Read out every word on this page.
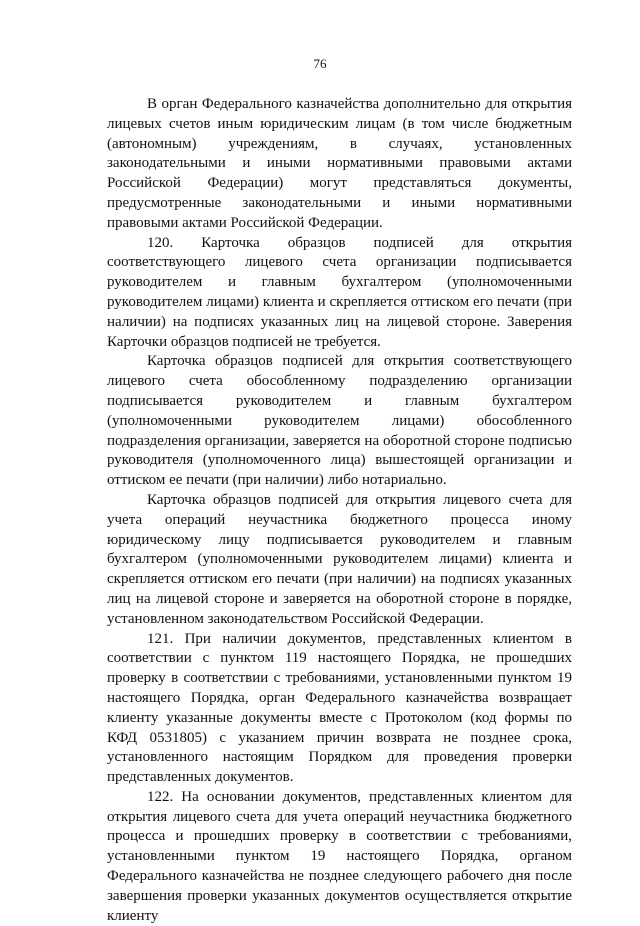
76

В орган Федерального казначейства дополнительно для открытия лицевых счетов иным юридическим лицам (в том числе бюджетным (автономным) учреждениям, в случаях, установленных законодательными и иными нормативными правовыми актами Российской Федерации) могут представляться документы, предусмотренные законодательными и иными нормативными правовыми актами Российской Федерации.

120. Карточка образцов подписей для открытия соответствующего лицевого счета организации подписывается руководителем и главным бухгалтером (уполномоченными руководителем лицами) клиента и скрепляется оттиском его печати (при наличии) на подписях указанных лиц на лицевой стороне. Заверения Карточки образцов подписей не требуется.

Карточка образцов подписей для открытия соответствующего лицевого счета обособленному подразделению организации подписывается руководителем и главным бухгалтером (уполномоченными руководителем лицами) обособленного подразделения организации, заверяется на оборотной стороне подписью руководителя (уполномоченного лица) вышестоящей организации и оттиском ее печати (при наличии) либо нотариально.

Карточка образцов подписей для открытия лицевого счета для учета операций неучастника бюджетного процесса иному юридическому лицу подписывается руководителем и главным бухгалтером (уполномоченными руководителем лицами) клиента и скрепляется оттиском его печати (при наличии) на подписях указанных лиц на лицевой стороне и заверяется на оборотной стороне в порядке, установленном законодательством Российской Федерации.

121. При наличии документов, представленных клиентом в соответствии с пунктом 119 настоящего Порядка, не прошедших проверку в соответствии с требованиями, установленными пунктом 19 настоящего Порядка, орган Федерального казначейства возвращает клиенту указанные документы вместе с Протоколом (код формы по КФД 0531805) с указанием причин возврата не позднее срока, установленного настоящим Порядком для проведения проверки представленных документов.

122. На основании документов, представленных клиентом для открытия лицевого счета для учета операций неучастника бюджетного процесса и прошедших проверку в соответствии с требованиями, установленными пунктом 19 настоящего Порядка, органом Федерального казначейства не позднее следующего рабочего дня после завершения проверки указанных документов осуществляется открытие клиенту
